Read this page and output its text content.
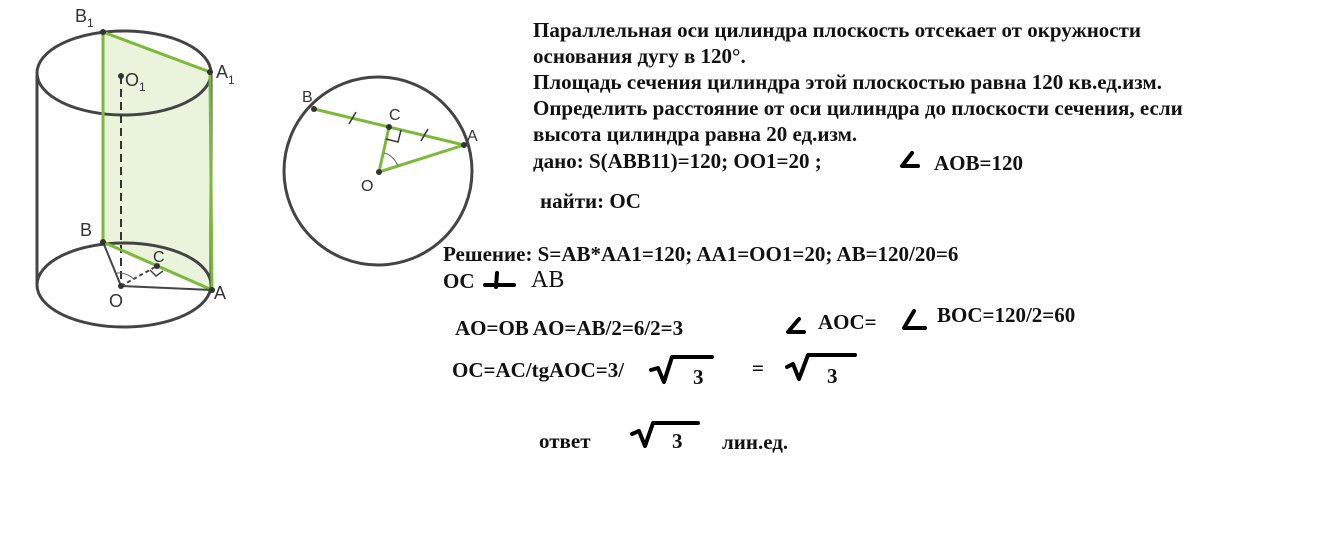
$B_1$
$O_1$
$A_1$
B
C
O	A
B
C
A
O
Параллельная оси цилиндра плоскость отсекает от окружности
основания дугу в 120°.
Площадь сечения цилиндра этой плоскостью равна 120 кв.ед.изм.
Определить расстояние от оси цилиндра до плоскости сечения, если
высота цилиндра равна 20 ед.изм.
дано: S(ABB11)=120; OO1=20 ;	AOB=120
найти: OC
Решение: S=AB*AA1=120; AA1=OO1=20; AB=120/20=6
OC AB
AO=OB AO=AB/2=6/2=3	AOC=	BOC=120/2=60
OC=AC/tgAOC=3/	3 =	3
ответ	3 лин.ед.
